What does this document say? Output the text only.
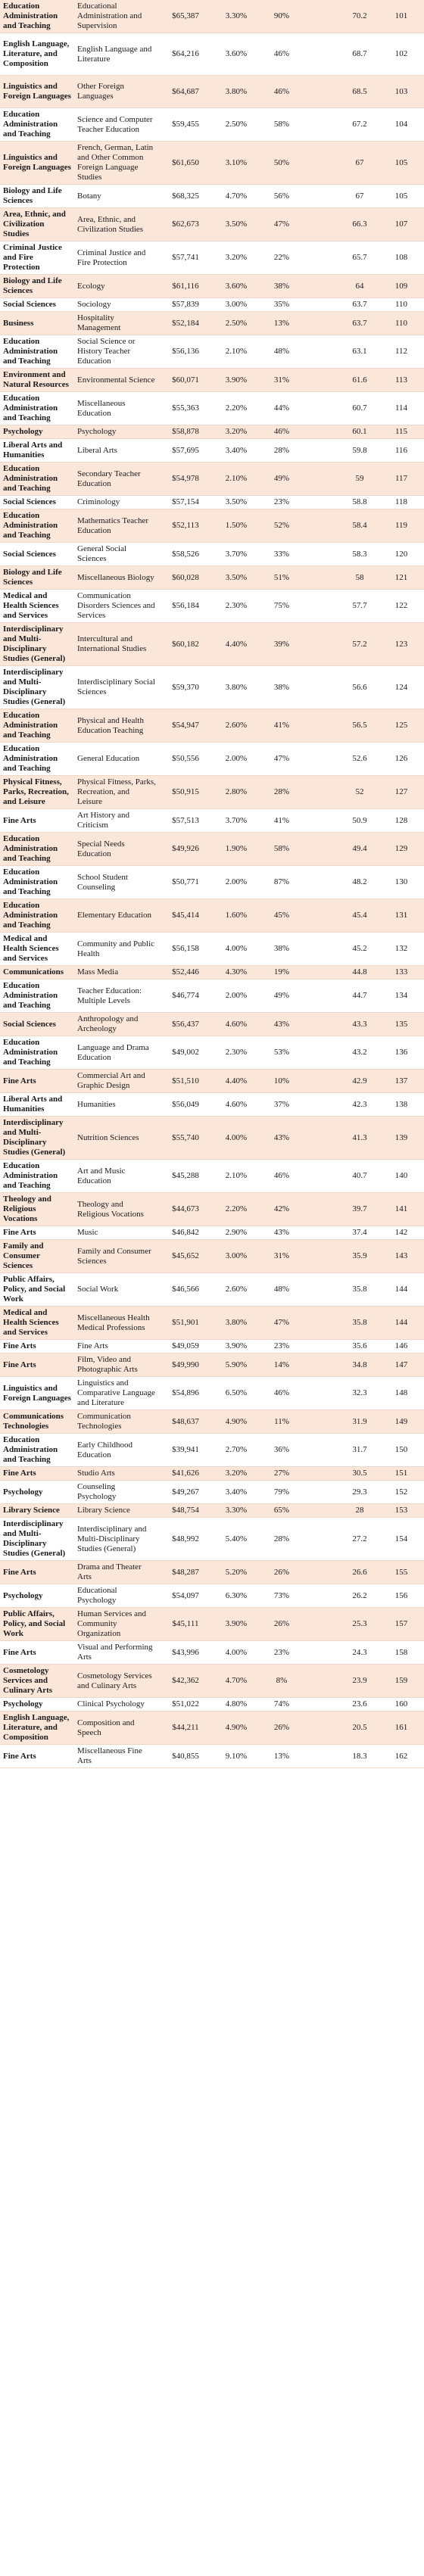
Education Administration and Teaching	Educational Administration and Supervision	$65,387	3.30%	90%		70.2	101
English Language, Literature, and Composition	English Language and Literature	$64,216	3.60%	46%		68.7	102
Linguistics and Foreign Languages	Other Foreign Languages	$64,687	3.80%	46%		68.5	103
Education Administration and Teaching	Science and Computer Teacher Education	$59,455	2.50%	58%		67.2	104
Linguistics and Foreign Languages	French, German, Latin and Other Common Foreign Language Studies	$61,650	3.10%	50%		67	105
Biology and Life Sciences	Botany	$68,325	4.70%	56%		67	105
Area, Ethnic, and Civilization Studies	Area, Ethnic, and Civilization Studies	$62,673	3.50%	47%		66.3	107
Criminal Justice and Fire Protection	Criminal Justice and Fire Protection	$57,741	3.20%	22%		65.7	108
Biology and Life Sciences	Ecology	$61,116	3.60%	38%		64	109
Social Sciences	Sociology	$57,839	3.00%	35%		63.7	110
Business	Hospitality Management	$52,184	2.50%	13%		63.7	110
Education Administration and Teaching	Social Science or History Teacher Education	$56,136	2.10%	48%		63.1	112
Environment and Natural Resources	Environmental Science	$60,071	3.90%	31%		61.6	113
Education Administration and Teaching	Miscellaneous Education	$55,363	2.20%	44%		60.7	114
Psychology	Psychology	$58,878	3.20%	46%		60.1	115
Liberal Arts and Humanities	Liberal Arts	$57,695	3.40%	28%		59.8	116
Education Administration and Teaching	Secondary Teacher Education	$54,978	2.10%	49%		59	117
Social Sciences	Criminology	$57,154	3.50%	23%		58.8	118
Education Administration and Teaching	Mathematics Teacher Education	$52,113	1.50%	52%		58.4	119
Social Sciences	General Social Sciences	$58,526	3.70%	33%		58.3	120
Biology and Life Sciences	Miscellaneous Biology	$60,028	3.50%	51%		58	121
Medical and Health Sciences and Services	Communication Disorders Sciences and Services	$56,184	2.30%	75%		57.7	122
Interdisciplinary and Multi-Disciplinary Studies (General)	Intercultural and International Studies	$60,182	4.40%	39%		57.2	123
Interdisciplinary and Multi-Disciplinary Studies (General)	Interdisciplinary Social Sciences	$59,370	3.80%	38%		56.6	124
Education Administration and Teaching	Physical and Health Education Teaching	$54,947	2.60%	41%		56.5	125
Education Administration and Teaching	General Education	$50,556	2.00%	47%		52.6	126
Physical Fitness, Parks, Recreation, and Leisure	Physical Fitness, Parks, Recreation, and Leisure	$50,915	2.80%	28%		52	127
Fine Arts	Art History and Criticism	$57,513	3.70%	41%		50.9	128
Education Administration and Teaching	Special Needs Education	$49,926	1.90%	58%		49.4	129
Education Administration and Teaching	School Student Counseling	$50,771	2.00%	87%		48.2	130
Education Administration and Teaching	Elementary Education	$45,414	1.60%	45%		45.4	131
Medical and Health Sciences and Services	Community and Public Health	$56,158	4.00%	38%		45.2	132
Communications	Mass Media	$52,446	4.30%	19%		44.8	133
Education Administration and Teaching	Teacher Education: Multiple Levels	$46,774	2.00%	49%		44.7	134
Social Sciences	Anthropology and Archeology	$56,437	4.60%	43%		43.3	135
Education Administration and Teaching	Language and Drama Education	$49,002	2.30%	53%		43.2	136
Fine Arts	Commercial Art and Graphic Design	$51,510	4.40%	10%		42.9	137
Liberal Arts and Humanities	Humanities	$56,049	4.60%	37%		42.3	138
Interdisciplinary and Multi-Disciplinary Studies (General)	Nutrition Sciences	$55,740	4.00%	43%		41.3	139
Education Administration and Teaching	Art and Music Education	$45,288	2.10%	46%		40.7	140
Theology and Religious Vocations	Theology and Religious Vocations	$44,673	2.20%	42%		39.7	141
Fine Arts	Music	$46,842	2.90%	43%		37.4	142
Family and Consumer Sciences	Family and Consumer Sciences	$45,652	3.00%	31%		35.9	143
Public Affairs, Policy, and Social Work	Social Work	$46,566	2.60%	48%		35.8	144
Medical and Health Sciences and Services	Miscellaneous Health Medical Professions	$51,901	3.80%	47%		35.8	144
Fine Arts	Fine Arts	$49,059	3.90%	23%		35.6	146
Fine Arts	Film, Video and Photographic Arts	$49,990	5.90%	14%		34.8	147
Linguistics and Foreign Languages	Linguistics and Comparative Language and Literature	$54,896	6.50%	46%		32.3	148
Communications Technologies	Communication Technologies	$48,637	4.90%	11%		31.9	149
Education Administration and Teaching	Early Childhood Education	$39,941	2.70%	36%		31.7	150
Fine Arts	Studio Arts	$41,626	3.20%	27%		30.5	151
Psychology	Counseling Psychology	$49,267	3.40%	79%		29.3	152
Library Science	Library Science	$48,754	3.30%	65%		28	153
Interdisciplinary and Multi-Disciplinary Studies (General)	Interdisciplinary and Multi-Disciplinary Studies (General)	$48,992	5.40%	28%		27.2	154
Fine Arts	Drama and Theater Arts	$48,287	5.20%	26%		26.6	155
Psychology	Educational Psychology	$54,097	6.30%	73%		26.2	156
Public Affairs, Policy, and Social Work	Human Services and Community Organization	$45,111	3.90%	26%		25.3	157
Fine Arts	Visual and Performing Arts	$43,996	4.00%	23%		24.3	158
Cosmetology Services and Culinary Arts	Cosmetology Services and Culinary Arts	$42,362	4.70%	8%		23.9	159
Psychology	Clinical Psychology	$51,022	4.80%	74%		23.6	160
English Language, Literature, and Composition	Composition and Speech	$44,211	4.90%	26%		20.5	161
Fine Arts	Miscellaneous Fine Arts	$40,855	9.10%	13%		18.3	162
